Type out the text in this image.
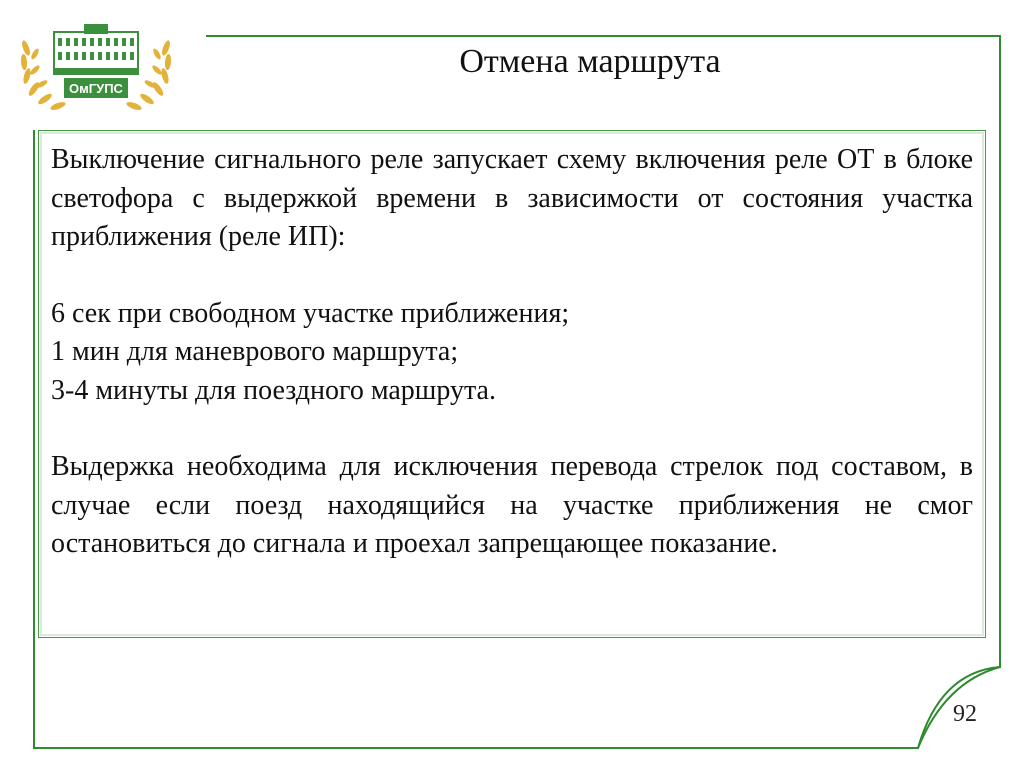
ОмГУПС
Отмена маршрута

Выключение сигнального реле запускает схему включения реле ОТ в блоке светофора с выдержкой времени в зависимости от состояния участка приближения (реле ИП):

6 сек при свободном участке приближения;

1 мин для маневрового маршрута;

3-4 минуты для поездного маршрута.

Выдержка необходима для исключения перевода стрелок под составом, в случае если поезд находящийся на участке приближения не смог остановиться до сигнала и проехал запрещающее показание.

92
